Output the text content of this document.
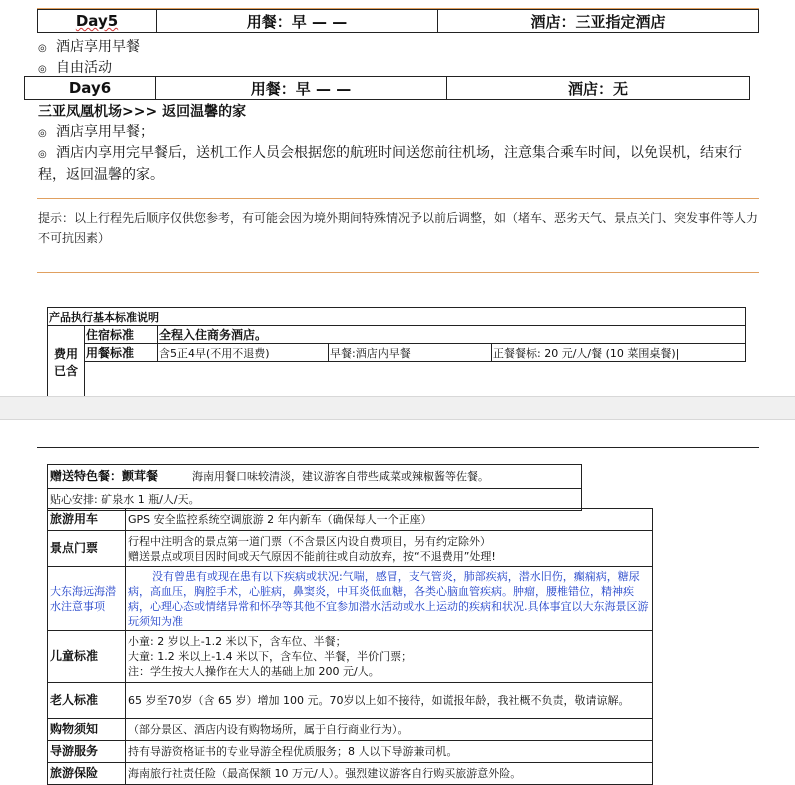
Day5	用餐：早 — —	酒店：三亚指定酒店
◎ 酒店享用早餐
◎ 自由活动
Day6	用餐：早 — —	酒店：无
三亚凤凰机场>>> 返回温馨的家
◎ 酒店享用早餐；
◎ 酒店内享用完早餐后，送机工作人员会根据您的航班时间送您前往机场，注意集合乘车时间，以免误机，结束行程，返回温馨的家。
提示：以上行程先后顺序仅供您参考，有可能会因为境外期间特殊情况予以前后调整，如（堵车、恶劣天气、景点关门、突发事件等人力不可抗因素）
产品执行基本标准说明				
费用已含	住宿标准	全程入住商务酒店。		
	用餐标准	含5正4早(不用不退费)	早餐:酒店内早餐	正餐餐标: 20 元/人/餐 (10 菜围桌餐)|

赠送特色餐：颤茸餐	海南用餐口味较清淡，建议游客自带些咸菜或辣椒酱等佐餐。
贴心安排: 矿泉水 1 瓶/人/天。
旅游用车	GPS 安全监控系统空调旅游 2 年内新车（确保每人一个正座）
景点门票	行程中注明含的景点第一道门票（不含景区内设自费项目，另有约定除外）
赠送景点或项目因时间或天气原因不能前往或自动放弃，按“不退费用”处理!
大东海远海潜水注意事项	没有曾患有或现在患有以下疾病或状况:气喘，感冒，支气管炎，肺部疾病，潜水旧伤，癫痫病，糖尿病，高血压，胸腔手术，心脏病，鼻窦炎，中耳炎低血糖，各类心脑血管疾病。肿瘤，腰椎错位，精神疾病，心理心态或情绪异常和怀孕等其他不宜参加潜水活动或水上运动的疾病和状况.具体事宜以大东海景区游玩须知为准
儿童标准	小童: 2 岁以上-1.2 米以下，含车位、半餐；
大童: 1.2 米以上-1.4 米以下，含车位、半餐，半价门票；
注：学生按大人操作在大人的基础上加 200 元/人。
老人标准	65 岁至70岁（含 65 岁）增加 100 元。70岁以上如不接待，如谎报年龄，我社概不负责，敬请谅解。
购物须知	（部分景区、酒店内设有购物场所，属于自行商业行为）。
导游服务	持有导游资格证书的专业导游全程优质服务；8 人以下导游兼司机。
旅游保险	海南旅行社责任险（最高保额 10 万元/人）。强烈建议游客自行购买旅游意外险。
